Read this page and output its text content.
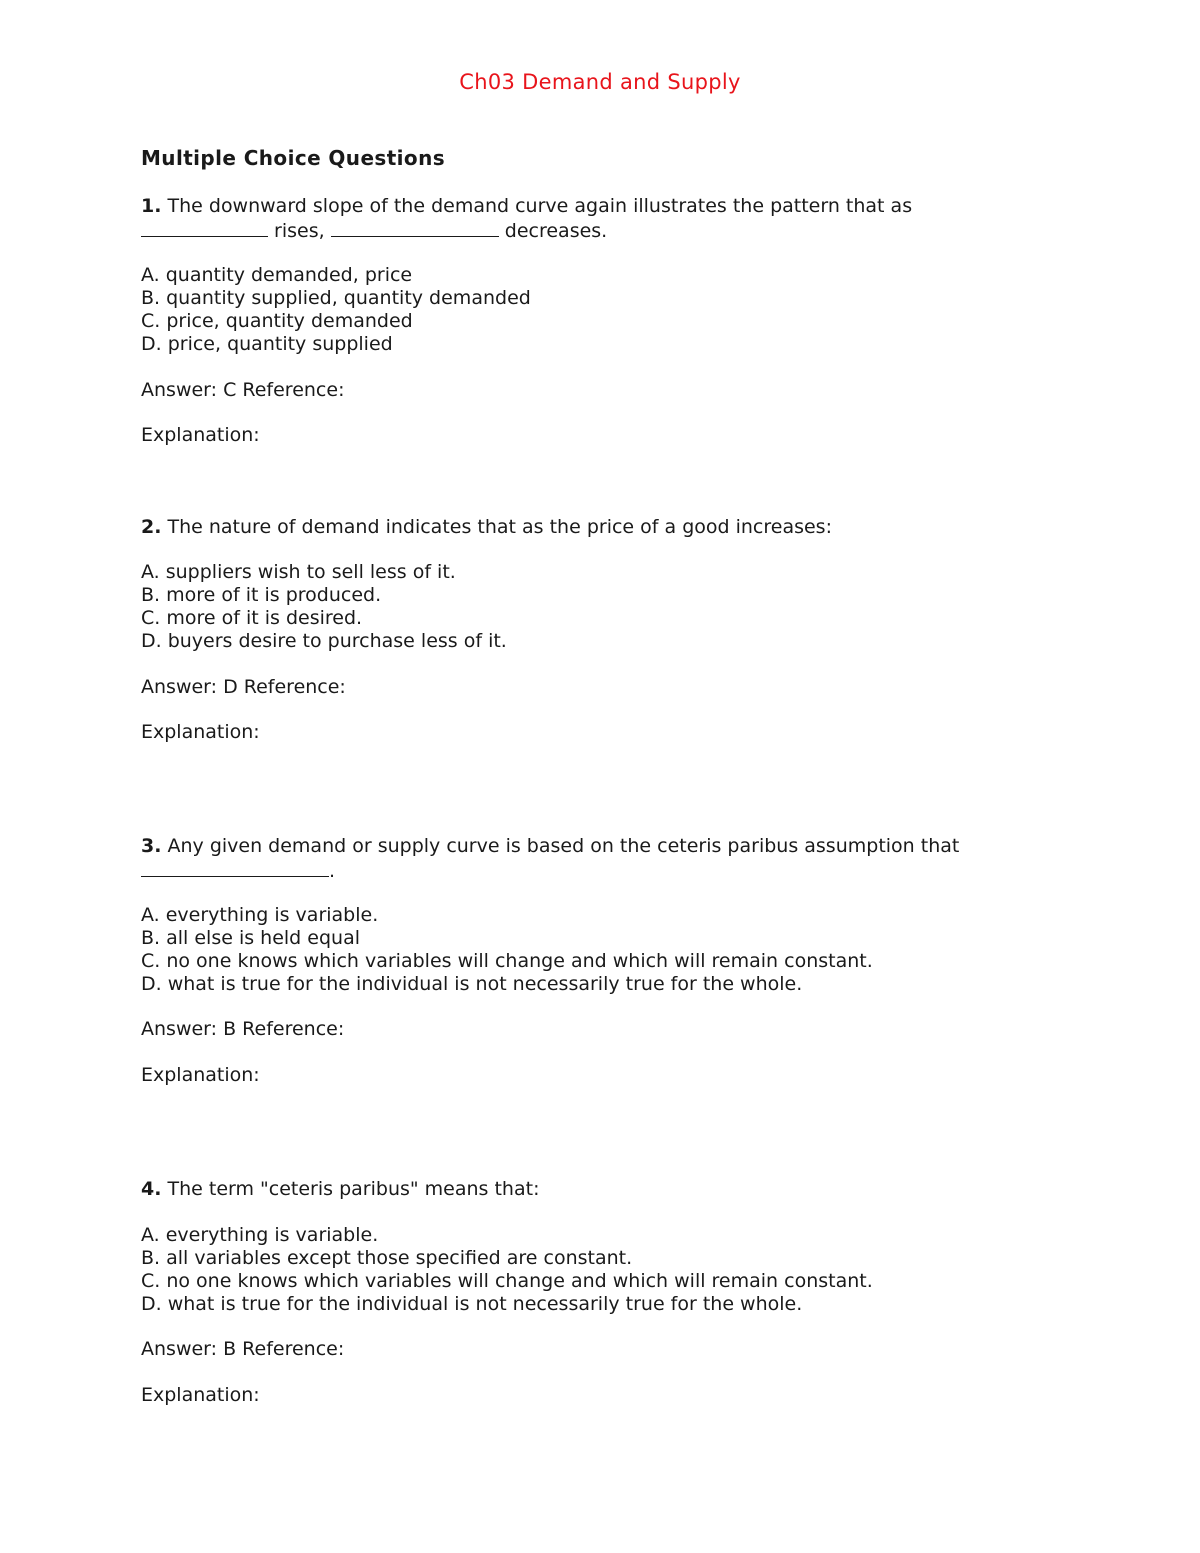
Ch03 Demand and Supply
Multiple Choice Questions
1. The downward slope of the demand curve again illustrates the pattern that as
rises,	decreases.
A. quantity demanded, price
B. quantity supplied, quantity demanded
C. price, quantity demanded
D. price, quantity supplied
Answer: C Reference:
Explanation:
2. The nature of demand indicates that as the price of a good increases:
A. suppliers wish to sell less of it.
B. more of it is produced.
C. more of it is desired.
D. buyers desire to purchase less of it.
Answer: D Reference:
Explanation:
3. Any given demand or supply curve is based on the ceteris paribus assumption that
.
A. everything is variable.
B. all else is held equal
C. no one knows which variables will change and which will remain constant.
D. what is true for the individual is not necessarily true for the whole.
Answer: B Reference:
Explanation:
4. The term "ceteris paribus" means that:
A. everything is variable.
B. all variables except those specified are constant.
C. no one knows which variables will change and which will remain constant.
D. what is true for the individual is not necessarily true for the whole.
Answer: B Reference:
Explanation:
